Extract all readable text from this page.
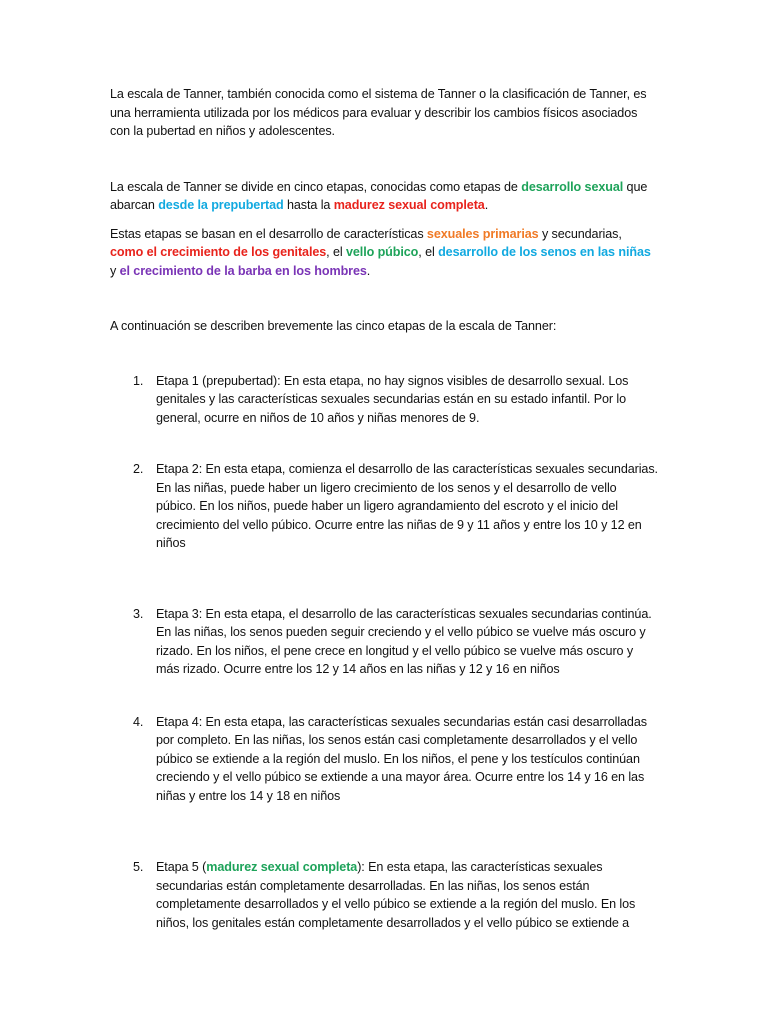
La escala de Tanner, también conocida como el sistema de Tanner o la clasificación de Tanner, es una herramienta utilizada por los médicos para evaluar y describir los cambios físicos asociados con la pubertad en niños y adolescentes.

La escala de Tanner se divide en cinco etapas, conocidas como etapas de desarrollo sexual que abarcan desde la prepubertad hasta la madurez sexual completa.

Estas etapas se basan en el desarrollo de características sexuales primarias y secundarias, como el crecimiento de los genitales, el vello púbico, el desarrollo de los senos en las niñas y el crecimiento de la barba en los hombres.

A continuación se describen brevemente las cinco etapas de la escala de Tanner:

1. Etapa 1 (prepubertad): En esta etapa, no hay signos visibles de desarrollo sexual. Los genitales y las características sexuales secundarias están en su estado infantil. Por lo general, ocurre en niños de 10 años y niñas menores de 9.
2. Etapa 2: En esta etapa, comienza el desarrollo de las características sexuales secundarias. En las niñas, puede haber un ligero crecimiento de los senos y el desarrollo de vello púbico. En los niños, puede haber un ligero agrandamiento del escroto y el inicio del crecimiento del vello púbico. Ocurre entre las niñas de 9 y 11 años y entre los 10 y 12 en niños
3. Etapa 3: En esta etapa, el desarrollo de las características sexuales secundarias continúa. En las niñas, los senos pueden seguir creciendo y el vello púbico se vuelve más oscuro y rizado. En los niños, el pene crece en longitud y el vello púbico se vuelve más oscuro y más rizado. Ocurre entre los 12 y 14 años en las niñas y 12 y 16 en niños
4. Etapa 4: En esta etapa, las características sexuales secundarias están casi desarrolladas por completo. En las niñas, los senos están casi completamente desarrollados y el vello púbico se extiende a la región del muslo. En los niños, el pene y los testículos continúan creciendo y el vello púbico se extiende a una mayor área. Ocurre entre los 14 y 16 en las niñas y entre los 14 y 18 en niños
5. Etapa 5 (madurez sexual completa): En esta etapa, las características sexuales secundarias están completamente desarrolladas. En las niñas, los senos están completamente desarrollados y el vello púbico se extiende a la región del muslo. En los niños, los genitales están completamente desarrollados y el vello púbico se extiende a
